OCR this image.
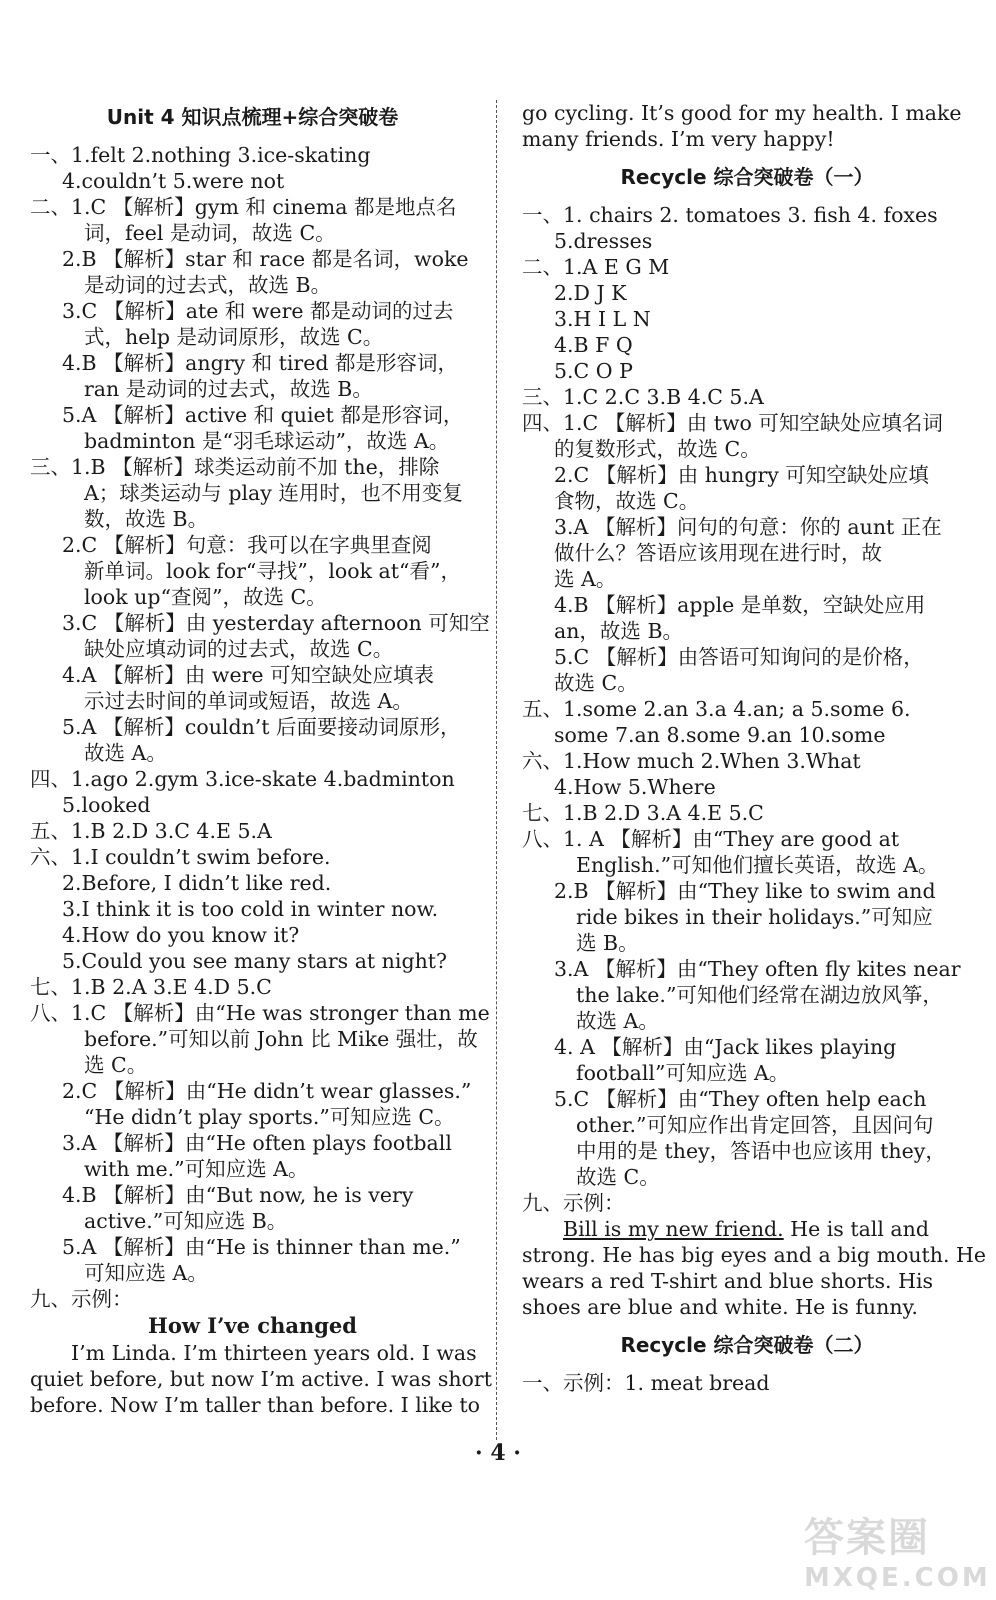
Unit 4 知识点梳理+综合突破卷
一、1.felt 2.nothing 3.ice-skating
4.couldn’t 5.were not
二、1.C 【解析】gym 和 cinema 都是地点名
词，feel 是动词，故选 C。
2.B 【解析】star 和 race 都是名词，woke
是动词的过去式，故选 B。
3.C 【解析】ate 和 were 都是动词的过去
式，help 是动词原形，故选 C。
4.B 【解析】angry 和 tired 都是形容词，
ran 是动词的过去式，故选 B。
5.A 【解析】active 和 quiet 都是形容词，
badminton 是“羽毛球运动”，故选 A。
三、1.B 【解析】球类运动前不加 the，排除
A；球类运动与 play 连用时，也不用变复
数，故选 B。
2.C 【解析】句意：我可以在字典里查阅
新单词。look for“寻找”，look at“看”，
look up“查阅”，故选 C。
3.C 【解析】由 yesterday afternoon 可知空
缺处应填动词的过去式，故选 C。
4.A 【解析】由 were 可知空缺处应填表
示过去时间的单词或短语，故选 A。
5.A 【解析】couldn’t 后面要接动词原形，
故选 A。
四、1.ago 2.gym 3.ice-skate 4.badminton
5.looked
五、1.B 2.D 3.C 4.E 5.A
六、1.I couldn’t swim before.
2.Before, I didn’t like red.
3.I think it is too cold in winter now.
4.How do you know it?
5.Could you see many stars at night?
七、1.B 2.A 3.E 4.D 5.C
八、1.C 【解析】由“He was stronger than me
before.”可知以前 John 比 Mike 强壮，故
选 C。
2.C 【解析】由“He didn’t wear glasses.”
“He didn’t play sports.”可知应选 C。
3.A 【解析】由“He often plays football
with me.”可知应选 A。
4.B 【解析】由“But now, he is very
active.”可知应选 B。
5.A 【解析】由“He is thinner than me.”
可知应选 A。
九、示例：
How I’ve changed
I’m Linda. I’m thirteen years old. I was
quiet before, but now I’m active. I was short
before. Now I’m taller than before. I like to
go cycling. It’s good for my health. I make
many friends. I’m very happy!
Recycle 综合突破卷（一）
一、1. chairs 2. tomatoes 3. fish 4. foxes
5.dresses
二、1.A E G M
2.D J K
3.H I L N
4.B F Q
5.C O P
三、1.C 2.C 3.B 4.C 5.A
四、1.C 【解析】由 two 可知空缺处应填名词
的复数形式，故选 C。
2.C 【解析】由 hungry 可知空缺处应填
食物，故选 C。
3.A 【解析】问句的句意：你的 aunt 正在
做什么？答语应该用现在进行时，故
选 A。
4.B 【解析】apple 是单数，空缺处应用
an，故选 B。
5.C 【解析】由答语可知询问的是价格，
故选 C。
五、1.some 2.an 3.a 4.an; a 5.some 6.
some 7.an 8.some 9.an 10.some
六、1.How much 2.When 3.What
4.How 5.Where
七、1.B 2.D 3.A 4.E 5.C
八、1. A 【解析】由“They are good at
English.”可知他们擅长英语，故选 A。
2.B 【解析】由“They like to swim and
ride bikes in their holidays.”可知应
选 B。
3.A 【解析】由“They often fly kites near
the lake.”可知他们经常在湖边放风筝，
故选 A。
4. A 【解析】由“Jack likes playing
football”可知应选 A。
5.C 【解析】由“They often help each
other.”可知应作出肯定回答，且因问句
中用的是 they，答语中也应该用 they，
故选 C。
九、示例：
Bill is my new friend. He is tall and
strong. He has big eyes and a big mouth. He
wears a red T-shirt and blue shorts. His
shoes are blue and white. He is funny.
Recycle 综合突破卷（二）
一、示例：1. meat bread
· 4 ·
答案圈
MXQE.COM
